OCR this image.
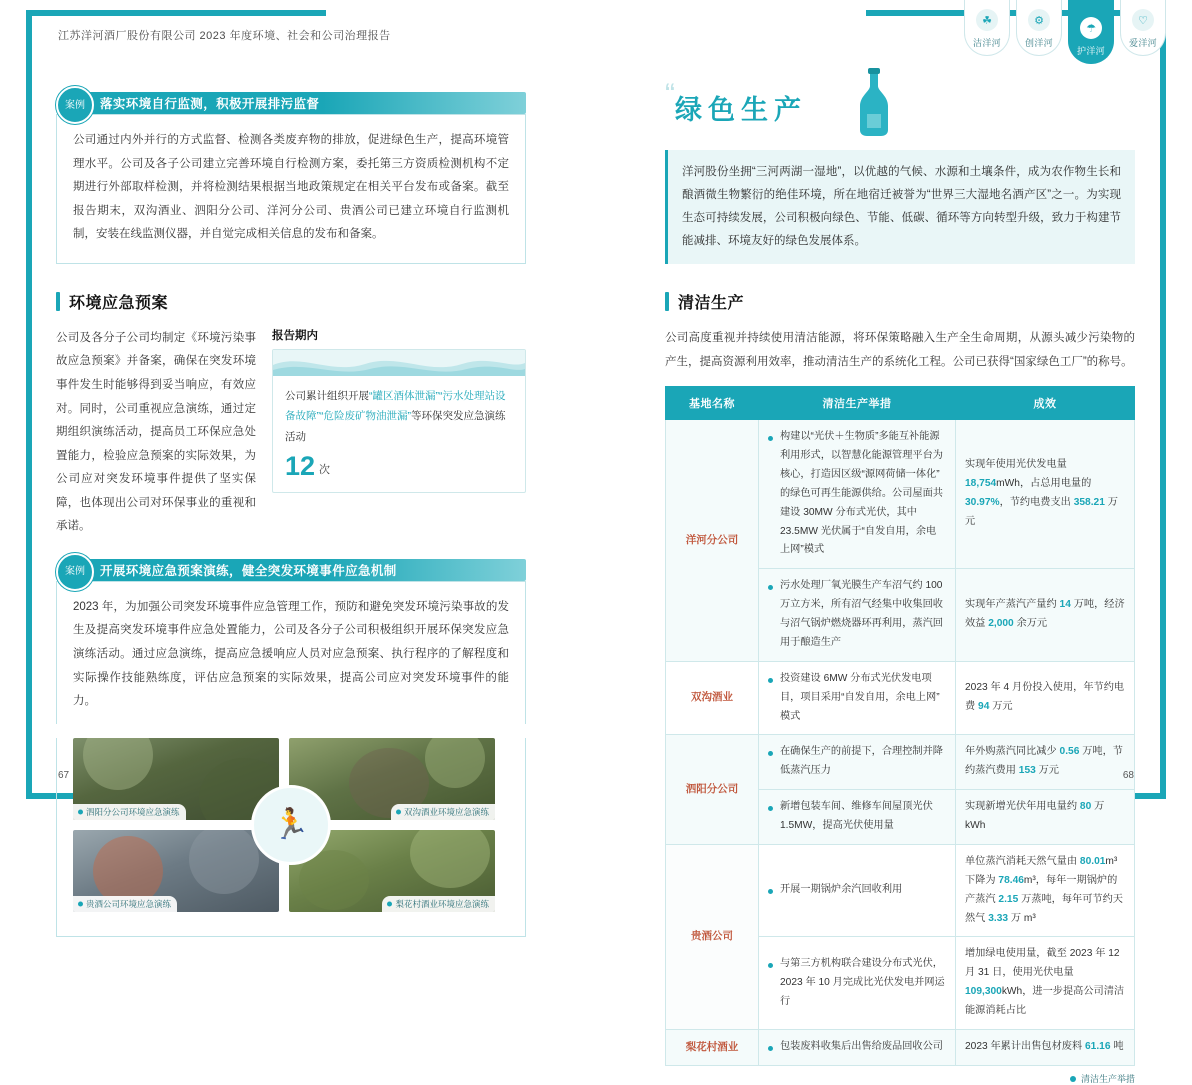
江苏洋河酒厂股份有限公司 2023 年度环境、社会和公司治理报告
☘
洁洋河
⚙
创洋河
☂
护洋河
♡
爱洋河
案例	落实环境自行监测，积极开展排污监督
公司通过内外并行的方式监督、检测各类废弃物的排放，促进绿色生产，提高环境管理水平。公司及各子公司建立完善环境自行检测方案，委托第三方资质检测机构不定期进行外部取样检测，并将检测结果根据当地政策规定在相关平台发布或备案。截至报告期末，双沟酒业、泗阳分公司、洋河分公司、贵酒公司已建立环境自行监测机制，安装在线监测仪器，并自觉完成相关信息的发布和备案。
环境应急预案
公司及各分子公司均制定《环境污染事故应急预案》并备案，确保在突发环境事件发生时能够得到妥当响应，有效应对。同时，公司重视应急演练，通过定期组织演练活动，提高员工环保应急处置能力，检验应急预案的实际效果，为公司应对突发环境事件提供了坚实保障，也体现出公司对环保事业的重视和承诺。
报告期内
公司累计组织开展“罐区酒体泄漏”“污水处理站设备故障”“危险废矿物油泄漏”等环保突发应急演练活动
12 次
案例	开展环境应急预案演练，健全突发环境事件应急机制
2023 年，为加强公司突发环境事件应急管理工作，预防和避免突发环境污染事故的发生及提高突发环境事件应急处置能力，公司及各分子公司积极组织开展环保突发应急演练活动。通过应急演练，提高应急援响应人员对应急预案、执行程序的了解程度和实际操作技能熟练度，评估应急预案的实际效果，提高公司应对突发环境事件的能力。
🏃
泗阳分公司环境应急演练	双沟酒业环境应急演练
贵酒公司环境应急演练	梨花村酒业环境应急演练
“ 绿色生产
洋河股份坐拥“三河两湖一湿地”，以优越的气候、水源和土壤条件，成为农作物生长和酿酒微生物繁衍的绝佳环境，所在地宿迁被誉为“世界三大湿地名酒产区”之一。为实现生态可持续发展，公司积极向绿色、节能、低碳、循环等方向转型升级，致力于构建节能减排、环境友好的绿色发展体系。
清洁生产
公司高度重视并持续使用清洁能源，将环保策略融入生产全生命周期，从源头减少污染物的产生，提高资源利用效率，推动清洁生产的系统化工程。公司已获得“国家绿色工厂”的称号。
基地名称	清洁生产举措	成效
洋河分公司	构建以“光伏＋生物质”多能互补能源利用形式，以智慧化能源管理平台为核心，打造因区级“源网荷储一体化”的绿色可再生能源供给。公司屋面共建设 30MW 分布式光伏，其中 23.5MW 光伏属于“自发自用，余电上网”模式	实现年使用光伏发电量 18,754mWh，占总用电量的 30.97%，节约电费支出 358.21 万元

	污水处理厂氧光膜生产车沼气约 100 万立方米，所有沼气经集中收集回收与沼气锅炉燃烧器环再利用，蒸汽回用于酿造生产	实现年产蒸汽产量约 14 万吨，经济效益 2,000 余万元
双沟酒业	投资建设 6MW 分布式光伏发电项目，项目采用“自发自用，余电上网”模式	2023 年 4 月份投入使用，年节约电费 94 万元
泗阳分公司	在确保生产的前提下，合理控制并降低蒸汽压力	年外购蒸汽同比减少 0.56 万吨，节约蒸汽费用 153 万元

	新增包装车间、维修车间屋顶光伏 1.5MW，提高光伏使用量	实现新增光伏年用电量约 80 万 kWh
贵酒公司	开展一期锅炉余汽回收利用	单位蒸汽消耗天然气量由 80.01m³ 下降为 78.46m³，每年一期锅炉的产蒸汽 2.15 万蒸吨，每年可节约天然气 3.33 万 m³

	与第三方机构联合建设分布式光伏，2023 年 10 月完成比光伏发电并网运行	增加绿电使用量，截至 2023 年 12 月 31 日，使用光伏电量 109,300kWh，进一步提高公司清洁能源消耗占比
梨花村酒业	包装废料收集后出售给废品回收公司	2023 年累计出售包材废料 61.16 吨
清洁生产举措
67	68
